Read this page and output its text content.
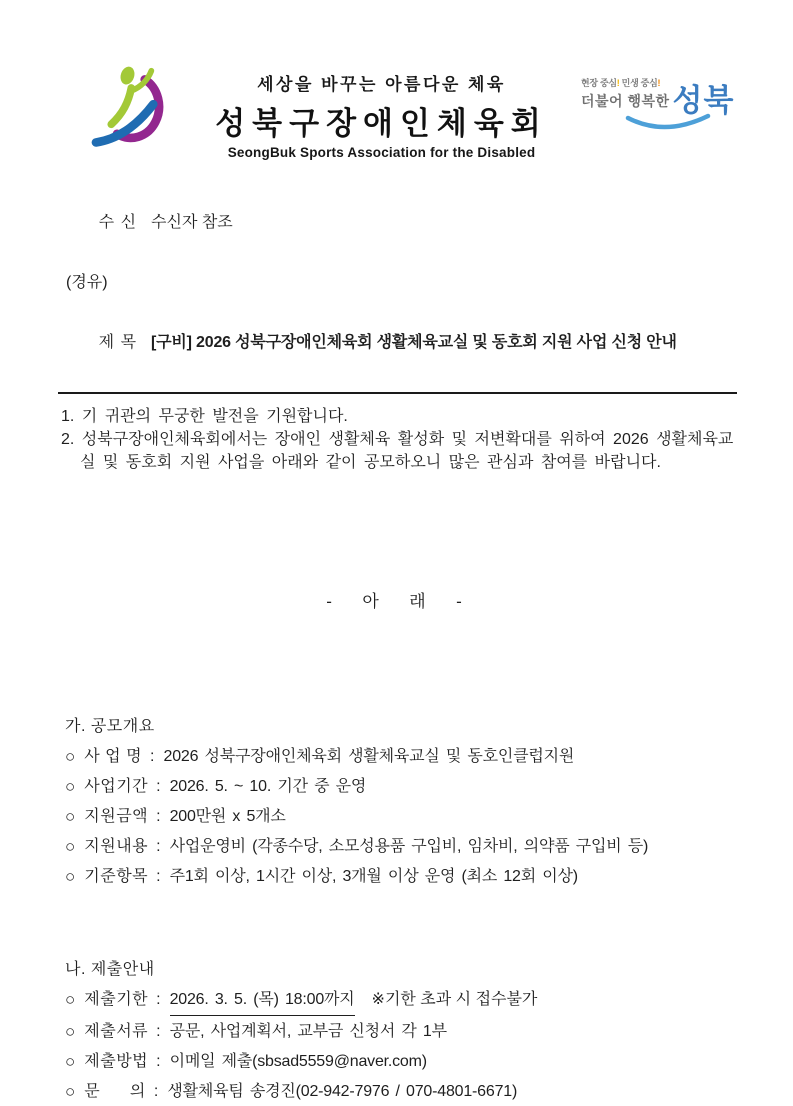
세상을 바꾸는 아름다운 체육
성북구장애인체육회
SeongBuk Sports Association for the Disabled
현장 중심! 민생 중심!
더불어 행복한 성북

수 신 수신자 참조

(경유)

제 목 [구비] 2026 성북구장애인체육회 생활체육교실 및 동호회 지원 사업 신청 안내

1. 기 귀관의 무궁한 발전을 기원합니다.

2. 성북구장애인체육회에서는 장애인 생활체육 활성화 및 저변확대를 위하여 2026 생활체육교실 및 동호회 지원 사업을 아래와 같이 공모하오니 많은 관심과 참여를 바랍니다.

-  아  래  -
가. 공모개요
○ 사 업 명 : 2026 성북구장애인체육회 생활체육교실 및 동호인클럽지원
○ 사업기간 : 2026. 5. ~ 10. 기간 중 운영
○ 지원금액 : 200만원 x 5개소
○ 지원내용 : 사업운영비 (각종수당, 소모성용품 구입비, 임차비, 의약품 구입비 등)
○ 기준항목 : 주1회 이상, 1시간 이상, 3개월 이상 운영 (최소 12회 이상)
나. 제출안내
○ 제출기한 : 2026. 3. 5. (목) 18:00까지 ※기한 초과 시 접수불가
○ 제출서류 : 공문, 사업계획서, 교부금 신청서 각 1부
○ 제출방법 : 이메일 제출(sbsad5559@naver.com)
○ 문      의 : 생활체육팀 송경진(02-942-7976 / 070-4801-6671)
